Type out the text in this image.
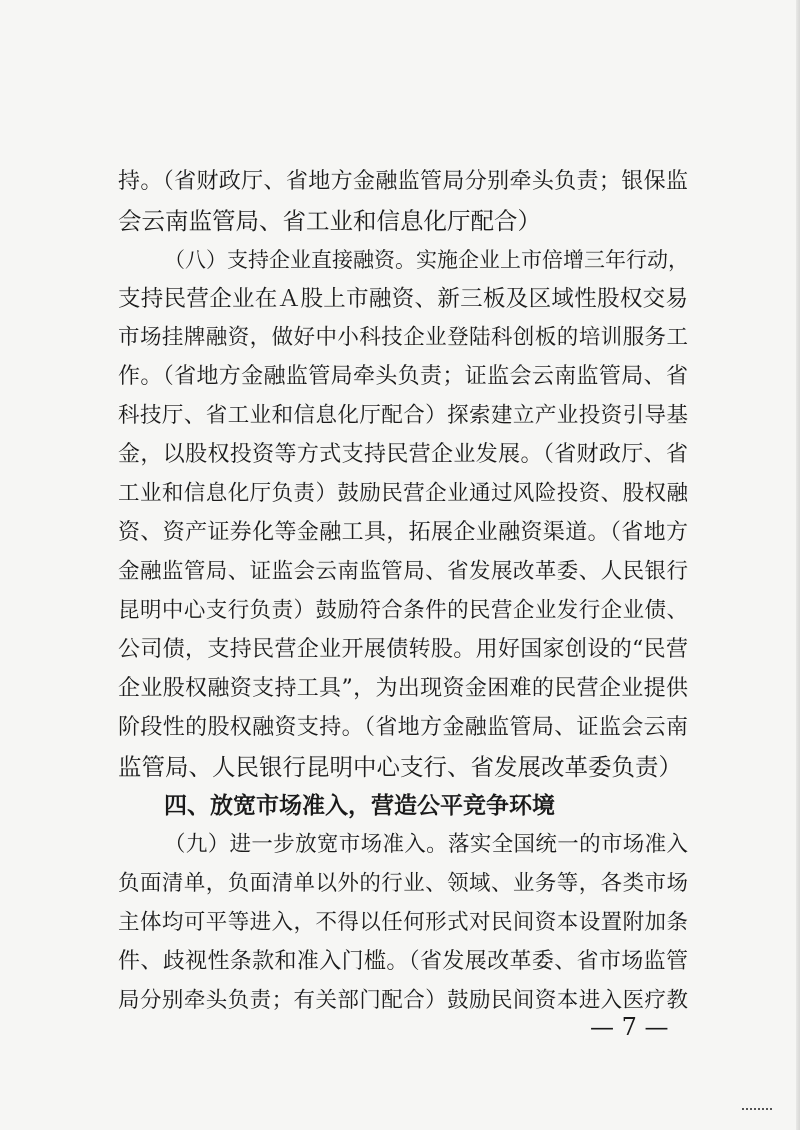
持。（省财政厅、省地方金融监管局分别牵头负责；银保监
会云南监管局、省工业和信息化厅配合）
（八）支持企业直接融资。实施企业上市倍增三年行动，
支持民营企业在Ａ股上市融资、新三板及区域性股权交易
市场挂牌融资，做好中小科技企业登陆科创板的培训服务工
作。（省地方金融监管局牵头负责；证监会云南监管局、省
科技厅、省工业和信息化厅配合）探索建立产业投资引导基
金，以股权投资等方式支持民营企业发展。（省财政厅、省
工业和信息化厅负责）鼓励民营企业通过风险投资、股权融
资、资产证券化等金融工具，拓展企业融资渠道。（省地方
金融监管局、证监会云南监管局、省发展改革委、人民银行
昆明中心支行负责）鼓励符合条件的民营企业发行企业债、
公司债，支持民营企业开展债转股。用好国家创设的“民营
企业股权融资支持工具”，为出现资金困难的民营企业提供
阶段性的股权融资支持。（省地方金融监管局、证监会云南
监管局、人民银行昆明中心支行、省发展改革委负责）
四、放宽市场准入，营造公平竞争环境
（九）进一步放宽市场准入。落实全国统一的市场准入
负面清单，负面清单以外的行业、领域、业务等，各类市场
主体均可平等进入，不得以任何形式对民间资本设置附加条
件、歧视性条款和准入门槛。（省发展改革委、省市场监管
局分别牵头负责；有关部门配合）鼓励民间资本进入医疗教
— 7 —
